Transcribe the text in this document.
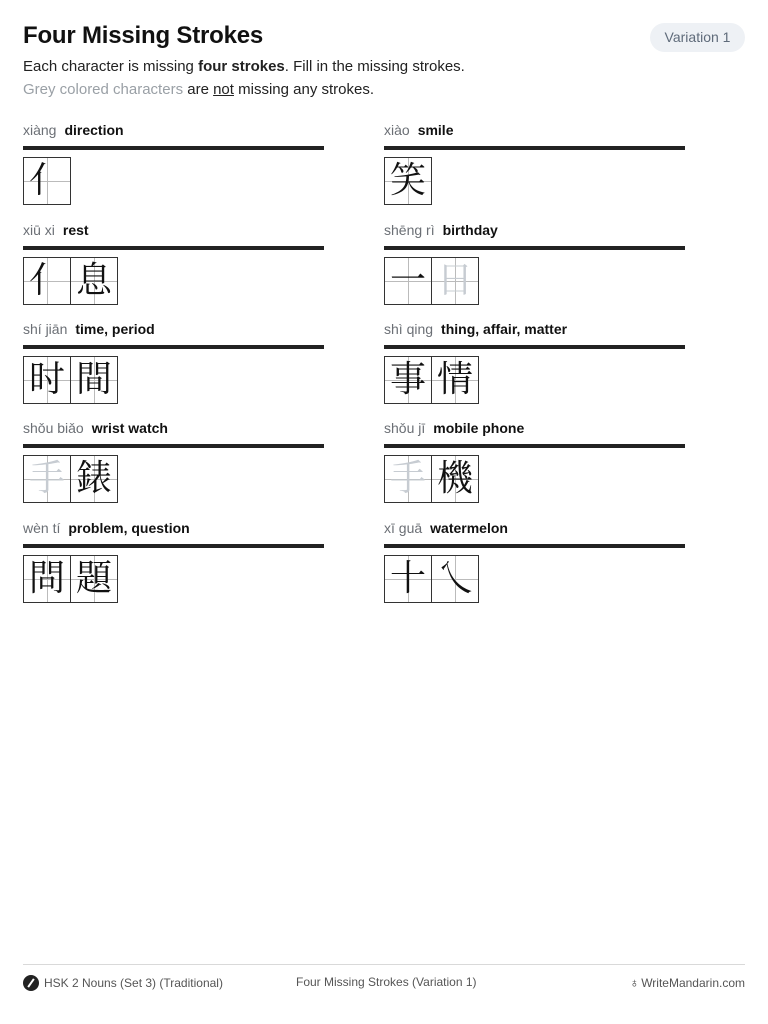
Four Missing Strokes	Variation 1
Each character is missing four strokes. Fill in the missing strokes.
Grey colored characters are not missing any strokes.
xiàng direction
亻
xiào smile
笑
xiū xi rest
亻 息
shēng rì birthday
一 日
shí jiān time, period
时 間
shì qing thing, affair, matter
事 情
shǒu biǎo wrist watch
手 錶
shǒu jī mobile phone
手 機
wèn tí problem, question
問 題
xī guā watermelon
十 乀
HSK 2 Nouns (Set 3) (Traditional)	Four Missing Strokes (Variation 1)	♁ WriteMandarin.com
